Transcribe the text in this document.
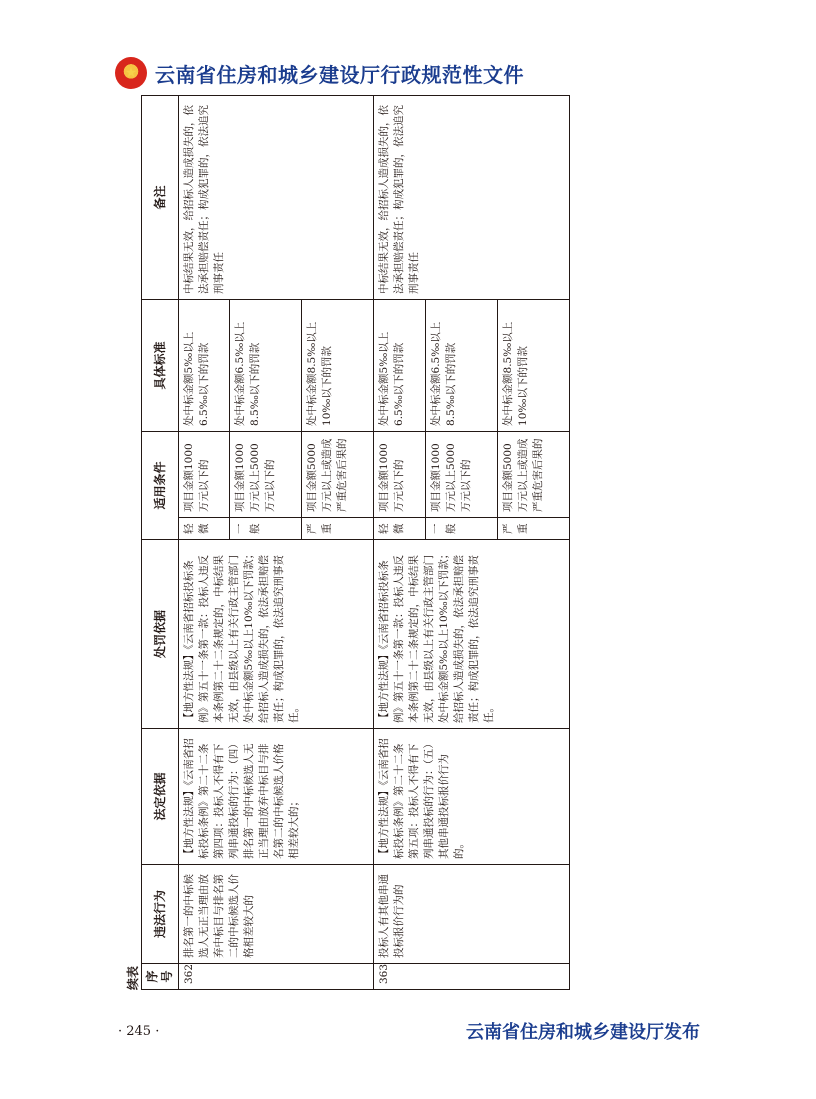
★ 云南省住房和城乡建设厅行政规范性文件
续表 序号	违法行为	法定依据	处罚依据	适用条件		具体标准	备注
362	排名第一的中标候选人无正当理由放弃中标目与排名第二的中标候选人价格相差较大的	【地方性法规】《云南省招标投标条例》第二十二条第四项：投标人不得有下列串通投标的行为：（四）排名第一的中标候选人无正当理由放弃中标目与排名第二的中标候选人价格相差较大的；	【地方性法规】《云南省招标投标条例》第五十一条第一款：投标人违反本条例第二十二条规定的，中标结果无效，由县级以上有关行政主管部门处中标金额5‰以上10‰以下罚款；给招标人造成损失的，依法承担赔偿责任；构成犯罪的，依法追究刑事责任。	轻微	项目金额1000万元以下的	处中标金额5‰以上6.5‰以下的罚款	中标结果无效，给招标人造成损失的，依法承担赔偿责任；构成犯罪的，依法追究刑事责任
				一般	项目金额1000万元以上5000万元以下的	处中标金额6.5‰以上8.5‰以下的罚款	
				严重	项目金额5000万元以上或造成严重危害后果的	处中标金额8.5‰以上10‰以下的罚款	
363	投标人有其他串通投标报价行为的	【地方性法规】《云南省招标投标条例》第二十二条第五项：投标人不得有下列串通投标的行为：（五）其他串通投标报价行为的。	【地方性法规】《云南省招标投标条例》第五十一条第一款：投标人违反本条例第二十二条规定的，中标结果无效，由县级以上有关行政主管部门处中标金额5‰以上10‰以下罚款；给招标人造成损失的，依法承担赔偿责任；构成犯罪的，依法追究刑事责任。	轻微	项目金额1000万元以下的	处中标金额5‰以上6.5‰以下的罚款	中标结果无效，给招标人造成损失的，依法承担赔偿责任；构成犯罪的，依法追究刑事责任
				一般	项目金额1000万元以上5000万元以下的	处中标金额6.5‰以上8.5‰以下的罚款	
				严重	项目金额5000万元以上或造成严重危害后果的	处中标金额8.5‰以上10‰以下的罚款	
· 245 ·	云南省住房和城乡建设厅发布
